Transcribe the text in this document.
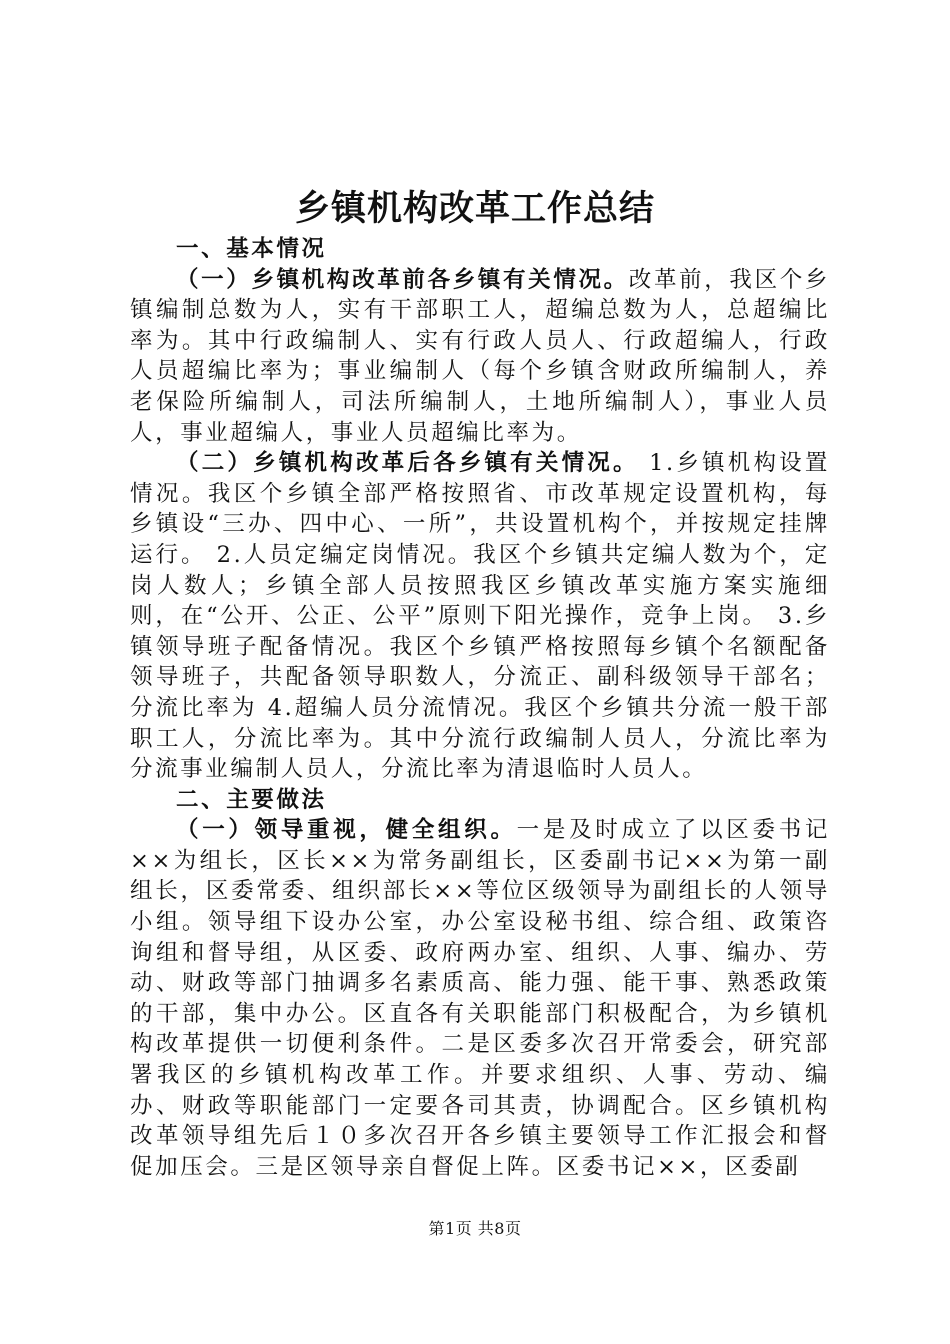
乡镇机构改革工作总结

一、基本情况

（一）乡镇机构改革前各乡镇有关情况。改革前，我区个乡镇编制总数为人，实有干部职工人，超编总数为人，总超编比率为。其中行政编制人、实有行政人员人、行政超编人，行政人员超编比率为；事业编制人（每个乡镇含财政所编制人，养老保险所编制人，司法所编制人，土地所编制人），事业人员人，事业超编人，事业人员超编比率为。

（二）乡镇机构改革后各乡镇有关情况。 1.乡镇机构设置情况。我区个乡镇全部严格按照省、市改革规定设置机构，每乡镇设“三办、四中心、一所”，共设置机构个，并按规定挂牌运行。 2.人员定编定岗情况。我区个乡镇共定编人数为个，定岗人数人；乡镇全部人员按照我区乡镇改革实施方案实施细则，在“公开、公正、公平”原则下阳光操作，竞争上岗。 3.乡镇领导班子配备情况。我区个乡镇严格按照每乡镇个名额配备领导班子，共配备领导职数人，分流正、副科级领导干部名；分流比率为 4.超编人员分流情况。我区个乡镇共分流一般干部职工人，分流比率为。其中分流行政编制人员人，分流比率为分流事业编制人员人，分流比率为清退临时人员人。

二、主要做法

（一）领导重视，健全组织。一是及时成立了以区委书记××为组长，区长××为常务副组长，区委副书记××为第一副组长，区委常委、组织部长××等位区级领导为副组长的人领导小组。领导组下设办公室，办公室设秘书组、综合组、政策咨询组和督导组，从区委、政府两办室、组织、人事、编办、劳动、财政等部门抽调多名素质高、能力强、能干事、熟悉政策的干部，集中办公。区直各有关职能部门积极配合，为乡镇机构改革提供一切便利条件。二是区委多次召开常委会，研究部署我区的乡镇机构改革工作。并要求组织、人事、劳动、编办、财政等职能部门一定要各司其责，协调配合。区乡镇机构改革领导组先后１０多次召开各乡镇主要领导工作汇报会和督促加压会。三是区领导亲自督促上阵。区委书记××，区委副

第1页 共8页
